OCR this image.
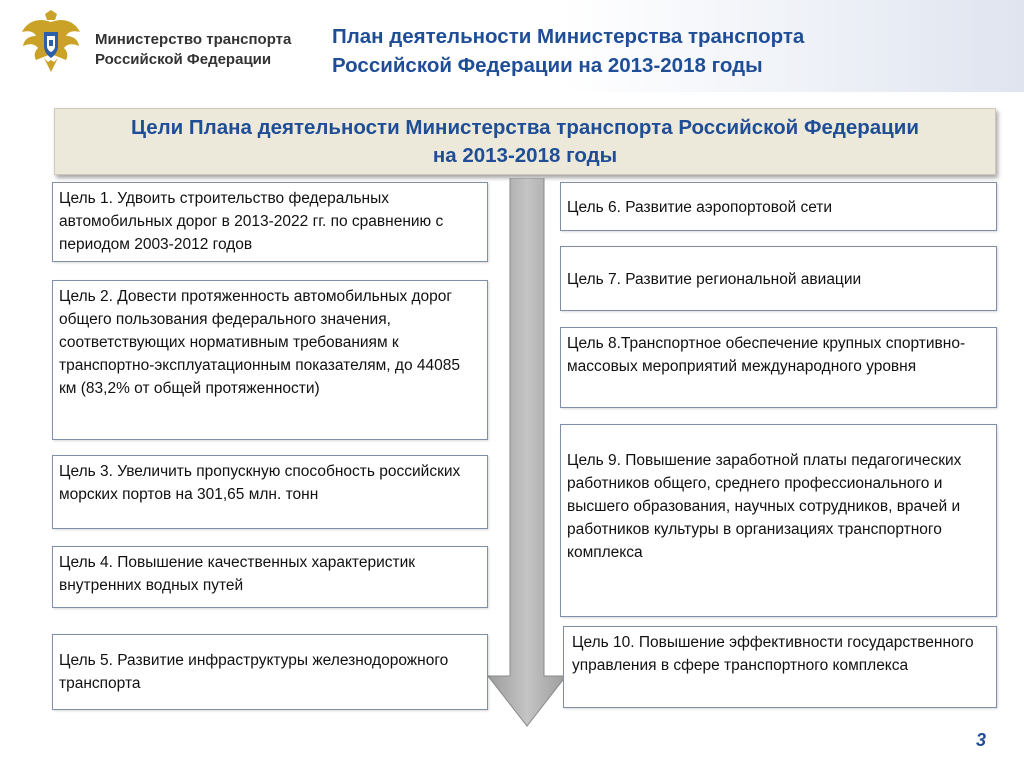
Министерство транспорта
Российской Федерации
План деятельности Министерства транспорта
Российской Федерации на 2013-2018 годы
Цели Плана деятельности Министерства транспорта Российской Федерации
на 2013-2018 годы
Цель 1. Удвоить строительство федеральных автомобильных дорог в 2013-2022 гг. по сравнению с периодом 2003-2012 годов
Цель 2. Довести протяженность автомобильных дорог общего пользования федерального значения, соответствующих нормативным требованиям к транспортно-эксплуатационным показателям, до 44085 км (83,2% от общей протяженности)
Цель 3. Увеличить пропускную способность российских морских портов на 301,65 млн. тонн
Цель 4. Повышение качественных характеристик внутренних водных путей
Цель 5. Развитие инфраструктуры железнодорожного транспорта
Цель 6. Развитие аэропортовой сети
Цель 7. Развитие региональной авиации
Цель 8.Транспортное обеспечение крупных спортивно-массовых мероприятий международного уровня
Цель 9. Повышение заработной платы педагогических работников общего, среднего профессионального и высшего образования, научных сотрудников, врачей и работников культуры в организациях транспортного комплекса
Цель 10. Повышение эффективности государственного управления в сфере транспортного комплекса
3
